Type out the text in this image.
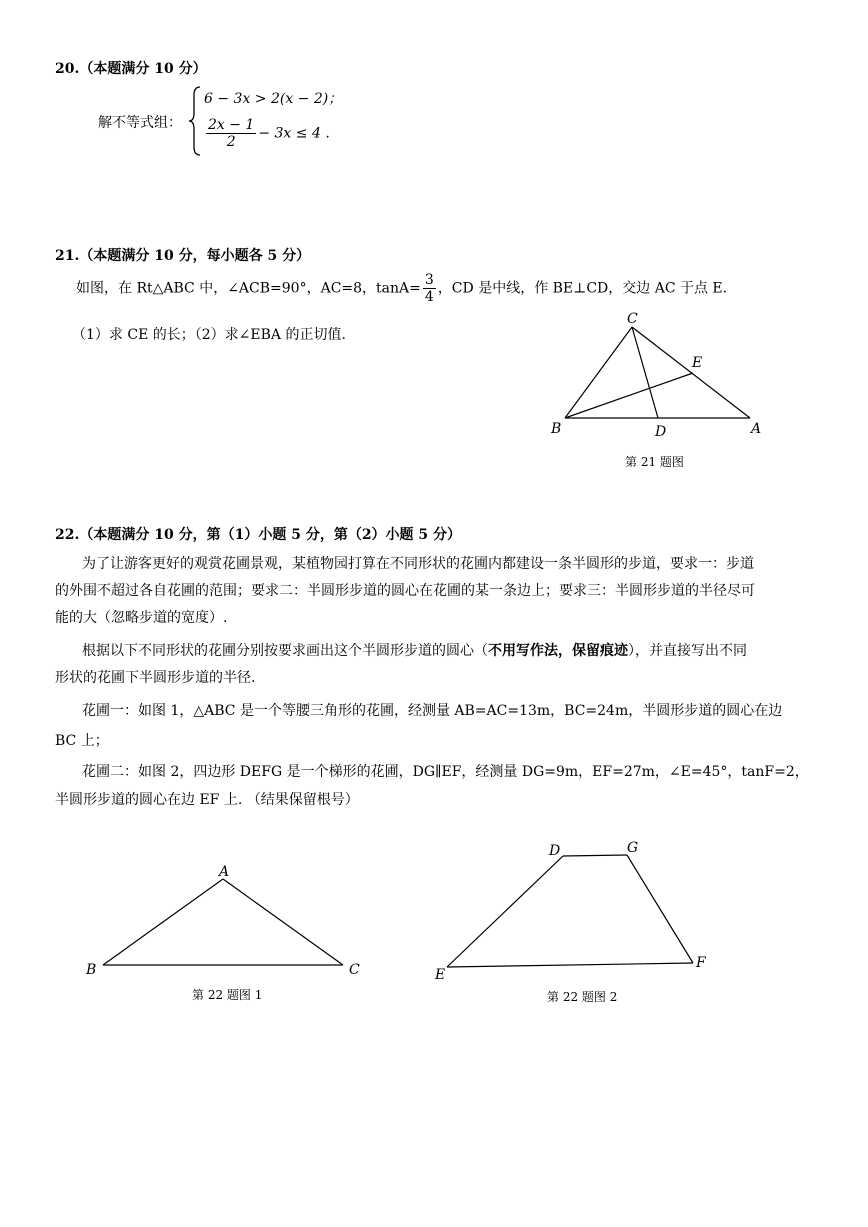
20.（本题满分 10 分）
解不等式组：
6 − 3x > 2(x − 2)；
$\frac{2x - 1}{2} - 3x \le 4$ .
21.（本题满分 10 分，每小题各 5 分）
如图，在 Rt△ABC 中，∠ACB=90°，AC=8，$\tan A= \frac{3}{4}$ ，CD 是中线，作 BE⊥CD，交边 AC 于点 E.
（1）求 CE 的长；（2）求∠EBA 的正切值.
C
E
B	D	A
第 21 题图
22.（本题满分 10 分，第（1）小题 5 分，第（2）小题 5 分）
为了让游客更好的观赏花圃景观，某植物园打算在不同形状的花圃内都建设一条半圆形的步道，要求一：步道
的外围不超过各自花圃的范围；要求二：半圆形步道的圆心在花圃的某一条边上；要求三：半圆形步道的半径尽可
能的大（忽略步道的宽度）.
根据以下不同形状的花圃分别按要求画出这个半圆形步道的圆心（不用写作法，保留痕迹），并直接写出不同
形状的花圃下半圆形步道的半径.
花圃一：如图 1，△ABC 是一个等腰三角形的花圃，经测量 AB=AC=13m，BC=24m，半圆形步道的圆心在边
BC 上；
花圃二：如图 2，四边形 DEFG 是一个梯形的花圃，DG∥EF，经测量 DG=9m，EF=27m，∠E=45°，tanF=2，
半圆形步道的圆心在边 EF 上. （结果保留根号）
A
B	C
第 22 题图 1
D	G
E
F
第 22 题图 2
